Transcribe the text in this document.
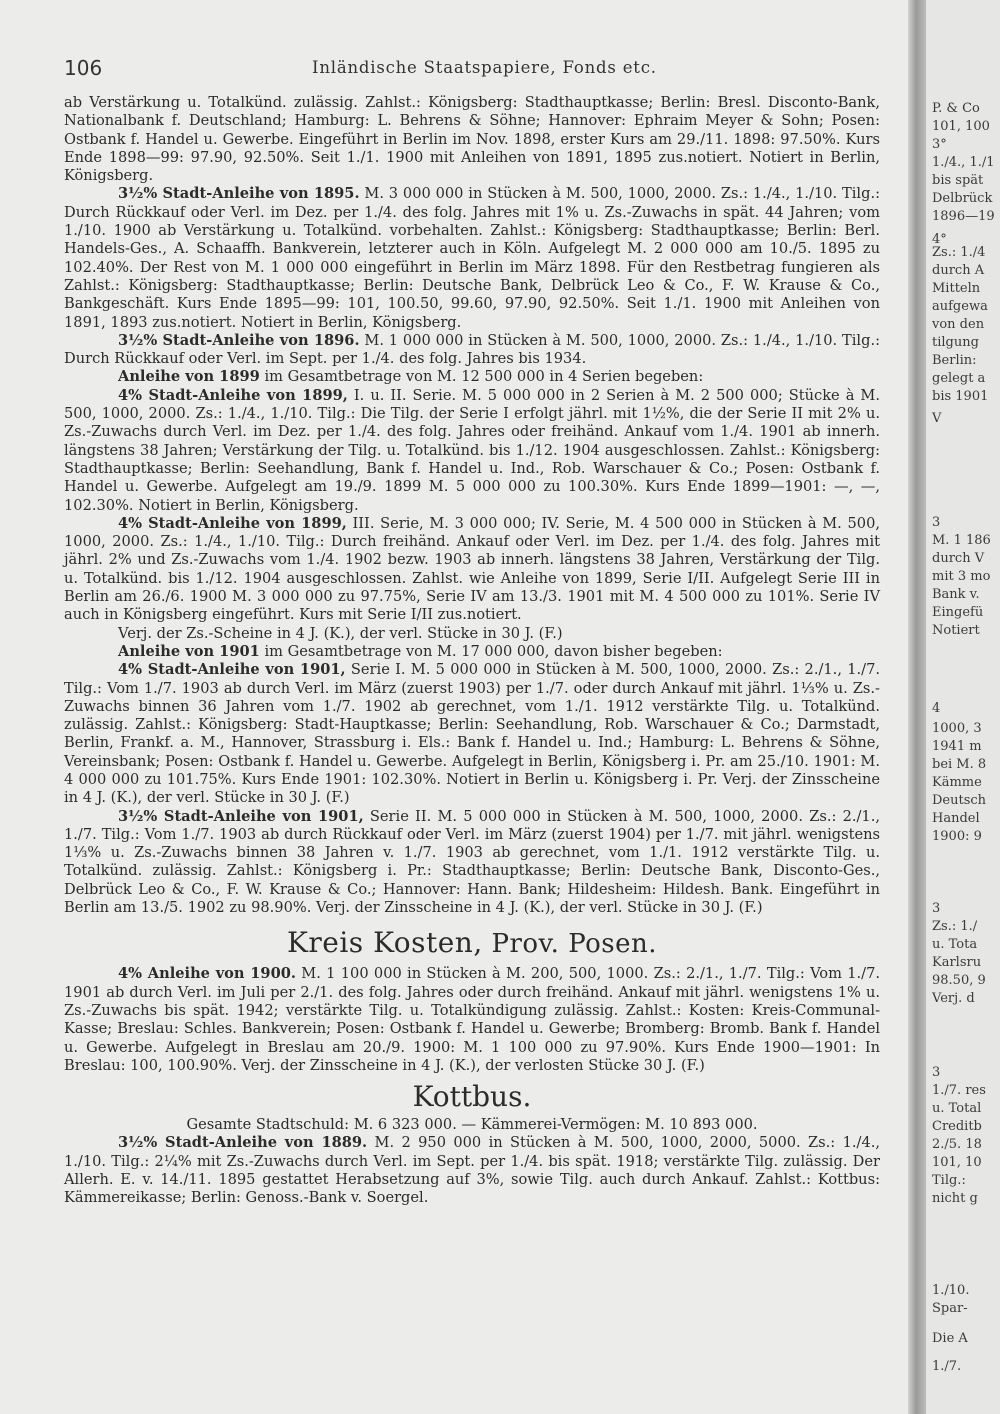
106	Inländische Staatspapiere, Fonds etc.

ab Verstärkung u. Totalkünd. zulässig. Zahlst.: Königsberg: Stadthauptkasse; Berlin: Bresl. Disconto-Bank, Nationalbank f. Deutschland; Hamburg: L. Behrens & Söhne; Hannover: Ephraim Meyer & Sohn; Posen: Ostbank f. Handel u. Gewerbe. Eingeführt in Berlin im Nov. 1898, erster Kurs am 29./11. 1898: 97.50%. Kurs Ende 1898—99: 97.90, 92.50%. Seit 1./1. 1900 mit Anleihen von 1891, 1895 zus.notiert. Notiert in Berlin, Königsberg.

3½% Stadt-Anleihe von 1895. M. 3 000 000 in Stücken à M. 500, 1000, 2000. Zs.: 1./4., 1./10. Tilg.: Durch Rückkauf oder Verl. im Dez. per 1./4. des folg. Jahres mit 1% u. Zs.-Zuwachs in spät. 44 Jahren; vom 1./10. 1900 ab Verstärkung u. Totalkünd. vorbehalten. Zahlst.: Königsberg: Stadthauptkasse; Berlin: Berl. Handels-Ges., A. Schaaffh. Bankverein, letzterer auch in Köln. Aufgelegt M. 2 000 000 am 10./5. 1895 zu 102.40%. Der Rest von M. 1 000 000 eingeführt in Berlin im März 1898. Für den Restbetrag fungieren als Zahlst.: Königsberg: Stadthauptkasse; Berlin: Deutsche Bank, Delbrück Leo & Co., F. W. Krause & Co., Bankgeschäft. Kurs Ende 1895—99: 101, 100.50, 99.60, 97.90, 92.50%. Seit 1./1. 1900 mit Anleihen von 1891, 1893 zus.notiert. Notiert in Berlin, Königsberg.

3½% Stadt-Anleihe von 1896. M. 1 000 000 in Stücken à M. 500, 1000, 2000. Zs.: 1./4., 1./10. Tilg.: Durch Rückkauf oder Verl. im Sept. per 1./4. des folg. Jahres bis 1934.

Anleihe von 1899 im Gesamtbetrage von M. 12 500 000 in 4 Serien begeben:

4% Stadt-Anleihe von 1899, I. u. II. Serie. M. 5 000 000 in 2 Serien à M. 2 500 000; Stücke à M. 500, 1000, 2000. Zs.: 1./4., 1./10. Tilg.: Die Tilg. der Serie I erfolgt jährl. mit 1½%, die der Serie II mit 2% u. Zs.-Zuwachs durch Verl. im Dez. per 1./4. des folg. Jahres oder freihänd. Ankauf vom 1./4. 1901 ab innerh. längstens 38 Jahren; Verstärkung der Tilg. u. Totalkünd. bis 1./12. 1904 ausgeschlossen. Zahlst.: Königsberg: Stadthauptkasse; Berlin: Seehandlung, Bank f. Handel u. Ind., Rob. Warschauer & Co.; Posen: Ostbank f. Handel u. Gewerbe. Aufgelegt am 19./9. 1899 M. 5 000 000 zu 100.30%. Kurs Ende 1899—1901: —, —, 102.30%. Notiert in Berlin, Königsberg.

4% Stadt-Anleihe von 1899, III. Serie, M. 3 000 000; IV. Serie, M. 4 500 000 in Stücken à M. 500, 1000, 2000. Zs.: 1./4., 1./10. Tilg.: Durch freihänd. Ankauf oder Verl. im Dez. per 1./4. des folg. Jahres mit jährl. 2% und Zs.-Zuwachs vom 1./4. 1902 bezw. 1903 ab innerh. längstens 38 Jahren, Verstärkung der Tilg. u. Totalkünd. bis 1./12. 1904 ausgeschlossen. Zahlst. wie Anleihe von 1899, Serie I/II. Aufgelegt Serie III in Berlin am 26./6. 1900 M. 3 000 000 zu 97.75%, Serie IV am 13./3. 1901 mit M. 4 500 000 zu 101%. Serie IV auch in Königsberg eingeführt. Kurs mit Serie I/II zus.notiert.

Verj. der Zs.-Scheine in 4 J. (K.), der verl. Stücke in 30 J. (F.)

Anleihe von 1901 im Gesamtbetrage von M. 17 000 000, davon bisher begeben:

4% Stadt-Anleihe von 1901, Serie I. M. 5 000 000 in Stücken à M. 500, 1000, 2000. Zs.: 2./1., 1./7. Tilg.: Vom 1./7. 1903 ab durch Verl. im März (zuerst 1903) per 1./7. oder durch Ankauf mit jährl. 1⅓% u. Zs.-Zuwachs binnen 36 Jahren vom 1./7. 1902 ab gerechnet, vom 1./1. 1912 verstärkte Tilg. u. Totalkünd. zulässig. Zahlst.: Königsberg: Stadt-Hauptkasse; Berlin: Seehandlung, Rob. Warschauer & Co.; Darmstadt, Berlin, Frankf. a. M., Hannover, Strassburg i. Els.: Bank f. Handel u. Ind.; Hamburg: L. Behrens & Söhne, Vereinsbank; Posen: Ostbank f. Handel u. Gewerbe. Aufgelegt in Berlin, Königsberg i. Pr. am 25./10. 1901: M. 4 000 000 zu 101.75%. Kurs Ende 1901: 102.30%. Notiert in Berlin u. Königsberg i. Pr. Verj. der Zinsscheine in 4 J. (K.), der verl. Stücke in 30 J. (F.)

3½% Stadt-Anleihe von 1901, Serie II. M. 5 000 000 in Stücken à M. 500, 1000, 2000. Zs.: 2./1., 1./7. Tilg.: Vom 1./7. 1903 ab durch Rückkauf oder Verl. im März (zuerst 1904) per 1./7. mit jährl. wenigstens 1⅓% u. Zs.-Zuwachs binnen 38 Jahren v. 1./7. 1903 ab gerechnet, vom 1./1. 1912 verstärkte Tilg. u. Totalkünd. zulässig. Zahlst.: Königsberg i. Pr.: Stadthauptkasse; Berlin: Deutsche Bank, Disconto-Ges., Delbrück Leo & Co., F. W. Krause & Co.; Hannover: Hann. Bank; Hildesheim: Hildesh. Bank. Eingeführt in Berlin am 13./5. 1902 zu 98.90%. Verj. der Zinsscheine in 4 J. (K.), der verl. Stücke in 30 J. (F.)

Kreis Kosten, Prov. Posen.

4% Anleihe von 1900. M. 1 100 000 in Stücken à M. 200, 500, 1000. Zs.: 2./1., 1./7. Tilg.: Vom 1./7. 1901 ab durch Verl. im Juli per 2./1. des folg. Jahres oder durch freihänd. Ankauf mit jährl. wenigstens 1% u. Zs.-Zuwachs bis spät. 1942; verstärkte Tilg. u. Totalkündigung zulässig. Zahlst.: Kosten: Kreis-Communal-Kasse; Breslau: Schles. Bankverein; Posen: Ostbank f. Handel u. Gewerbe; Bromberg: Bromb. Bank f. Handel u. Gewerbe. Aufgelegt in Breslau am 20./9. 1900: M. 1 100 000 zu 97.90%. Kurs Ende 1900—1901: In Breslau: 100, 100.90%. Verj. der Zinsscheine in 4 J. (K.), der verlosten Stücke 30 J. (F.)

Kottbus.

Gesamte Stadtschuld: M. 6 323 000. — Kämmerei-Vermögen: M. 10 893 000.

3½% Stadt-Anleihe von 1889. M. 2 950 000 in Stücken à M. 500, 1000, 2000, 5000. Zs.: 1./4., 1./10. Tilg.: 2¼% mit Zs.-Zuwachs durch Verl. im Sept. per 1./4. bis spät. 1918; verstärkte Tilg. zulässig. Der Allerh. E. v. 14./11. 1895 gestattet Herabsetzung auf 3%, sowie Tilg. auch durch Ankauf. Zahlst.: Kottbus: Kämmereikasse; Berlin: Genoss.-Bank v. Soergel.

P. & Co
101, 100
3°
1./4., 1./1
bis spät
Delbrück
1896—19
4°
Zs.: 1./4
durch A
Mitteln
aufgewa
von den
tilgung
Berlin:
gelegt a
bis 1901
V
3
M. 1 186
durch V
mit 3 mo
Bank v.
Eingefü
Notiert
4
1000, 3
1941 m
bei M. 8
Kämme
Deutsch
Handel
1900: 9
3
Zs.: 1./
u. Tota
Karlsru
98.50, 9
Verj. d
3
1./7. res
u. Total
Creditb
2./5. 18
101, 10
Tilg.:
nicht g
1./10.
Spar-
Die A
1./7.
